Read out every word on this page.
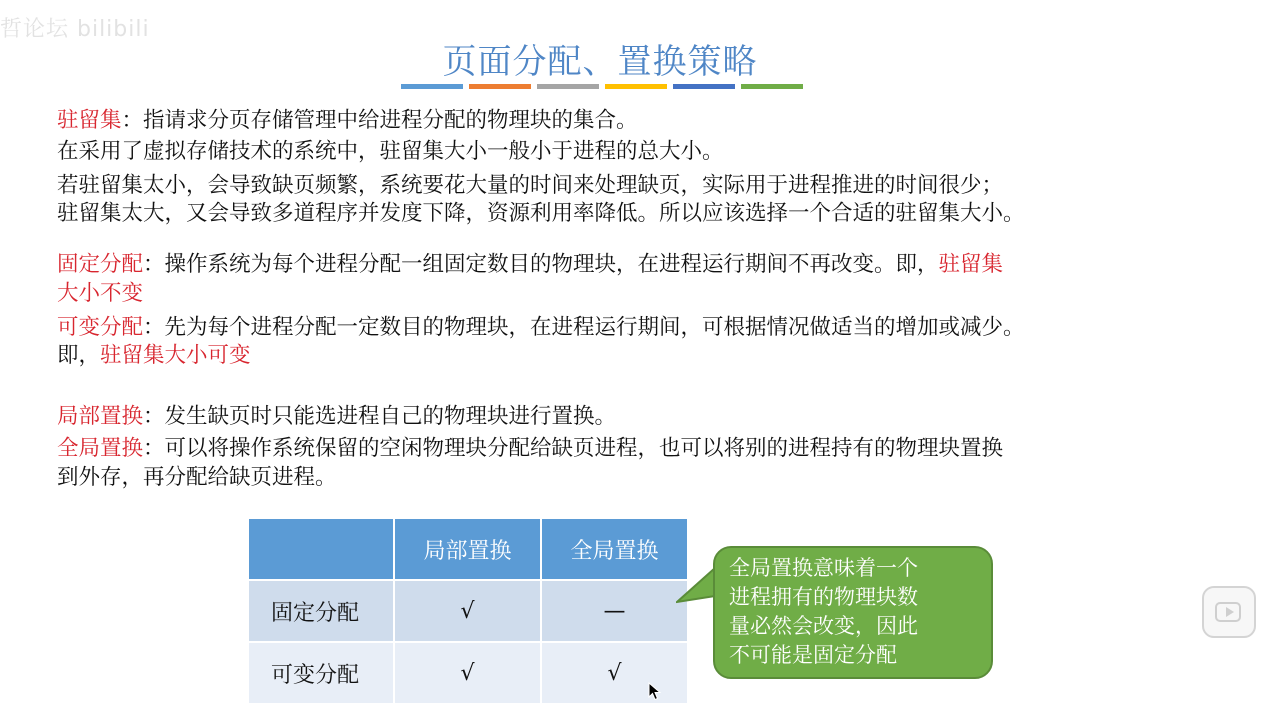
哲论坛 bilibili
页面分配、置换策略
驻留集：指请求分页存储管理中给进程分配的物理块的集合。
在采用了虚拟存储技术的系统中，驻留集大小一般小于进程的总大小。
若驻留集太小，会导致缺页频繁，系统要花大量的时间来处理缺页，实际用于进程推进的时间很少；
驻留集太大，又会导致多道程序并发度下降，资源利用率降低。所以应该选择一个合适的驻留集大小。
固定分配：操作系统为每个进程分配一组固定数目的物理块，在进程运行期间不再改变。即，驻留集
大小不变
可变分配：先为每个进程分配一定数目的物理块，在进程运行期间，可根据情况做适当的增加或减少。
即，驻留集大小可变
局部置换：发生缺页时只能选进程自己的物理块进行置换。
全局置换：可以将操作系统保留的空闲物理块分配给缺页进程，也可以将别的进程持有的物理块置换
到外存，再分配给缺页进程。
	局部置换	全局置换
固定分配	√	—
可变分配	√	√
全局置换意味着一个
进程拥有的物理块数
量必然会改变，因此
不可能是固定分配
